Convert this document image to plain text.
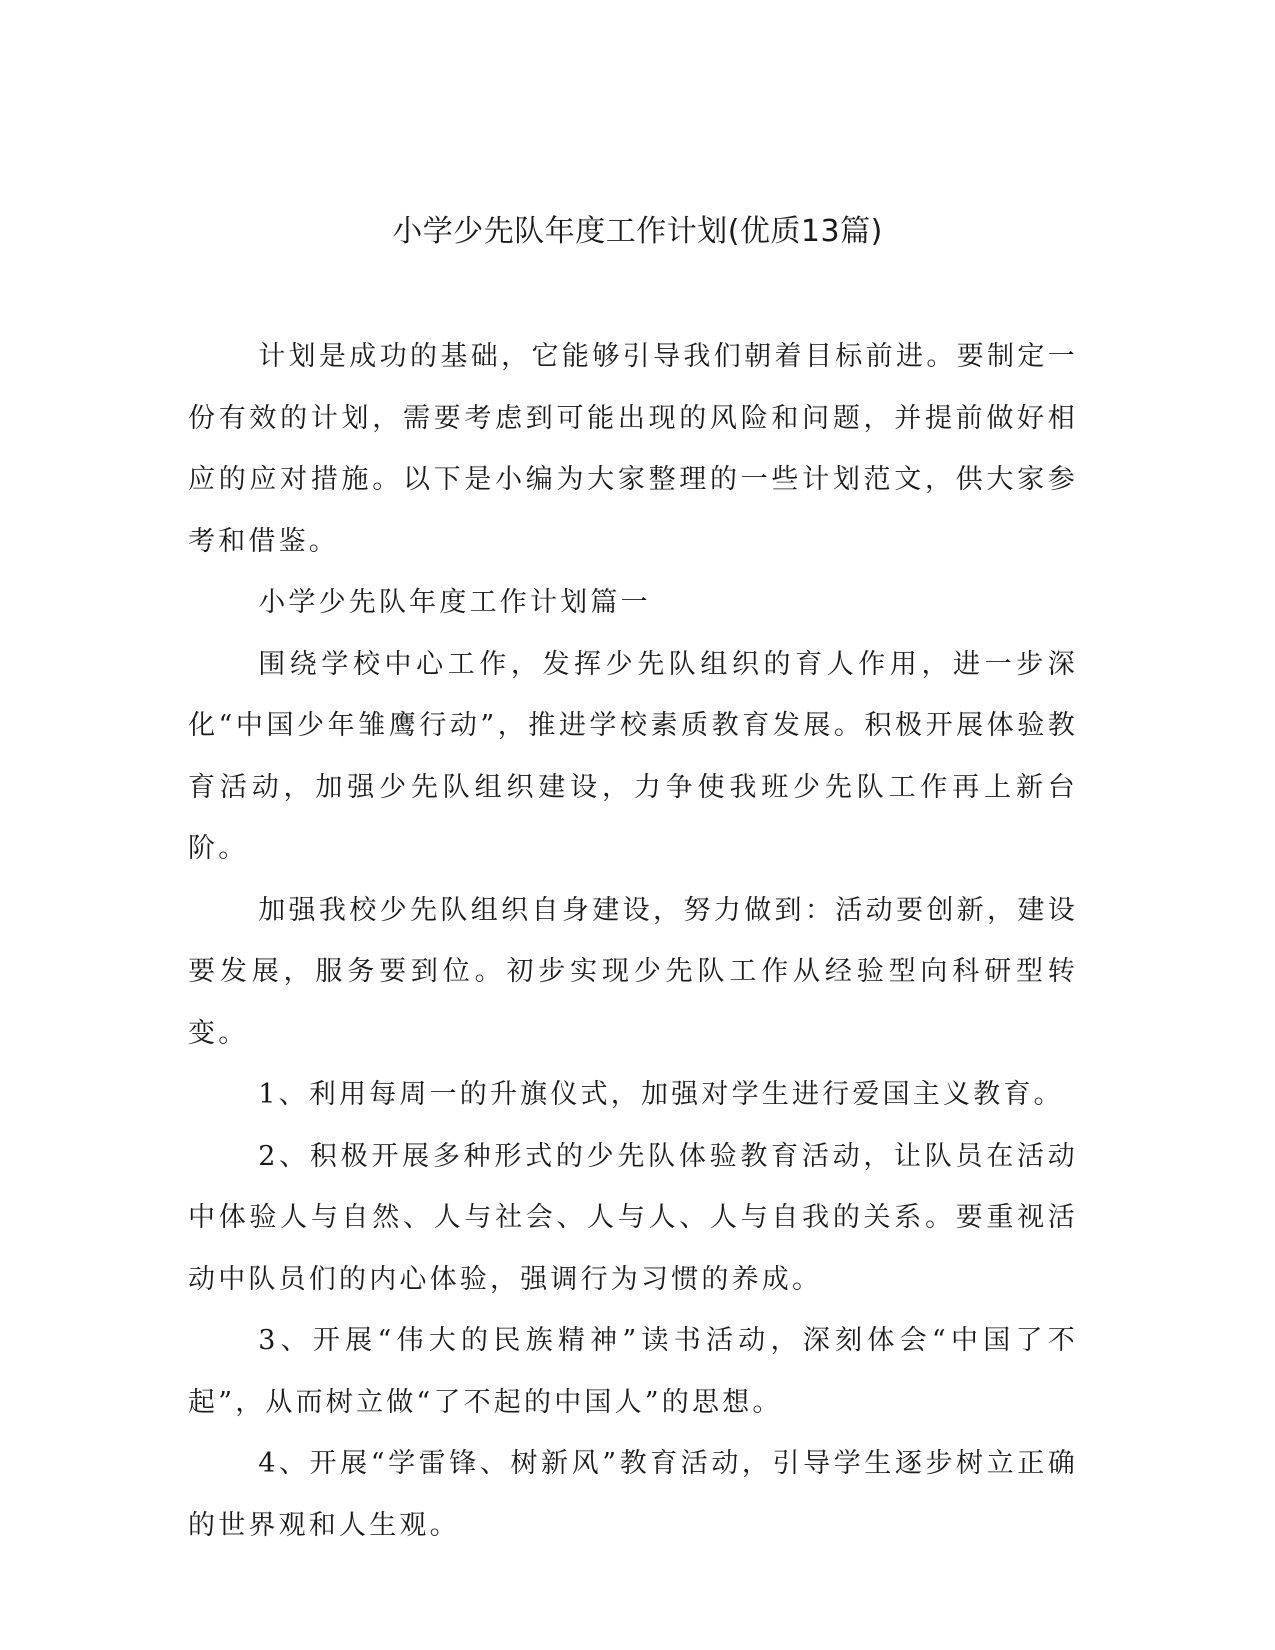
小学少先队年度工作计划(优质13篇)

计划是成功的基础，它能够引导我们朝着目标前进。要制定一份有效的计划，需要考虑到可能出现的风险和问题，并提前做好相应的应对措施。以下是小编为大家整理的一些计划范文，供大家参考和借鉴。

小学少先队年度工作计划篇一

围绕学校中心工作，发挥少先队组织的育人作用，进一步深化“中国少年雏鹰行动”，推进学校素质教育发展。积极开展体验教育活动，加强少先队组织建设，力争使我班少先队工作再上新台阶。

加强我校少先队组织自身建设，努力做到：活动要创新，建设要发展，服务要到位。初步实现少先队工作从经验型向科研型转变。

1、利用每周一的升旗仪式，加强对学生进行爱国主义教育。

2、积极开展多种形式的少先队体验教育活动，让队员在活动中体验人与自然、人与社会、人与人、人与自我的关系。要重视活动中队员们的内心体验，强调行为习惯的养成。

3、开展“伟大的民族精神”读书活动，深刻体会“中国了不起”，从而树立做“了不起的中国人”的思想。

4、开展“学雷锋、树新风”教育活动，引导学生逐步树立正确的世界观和人生观。
